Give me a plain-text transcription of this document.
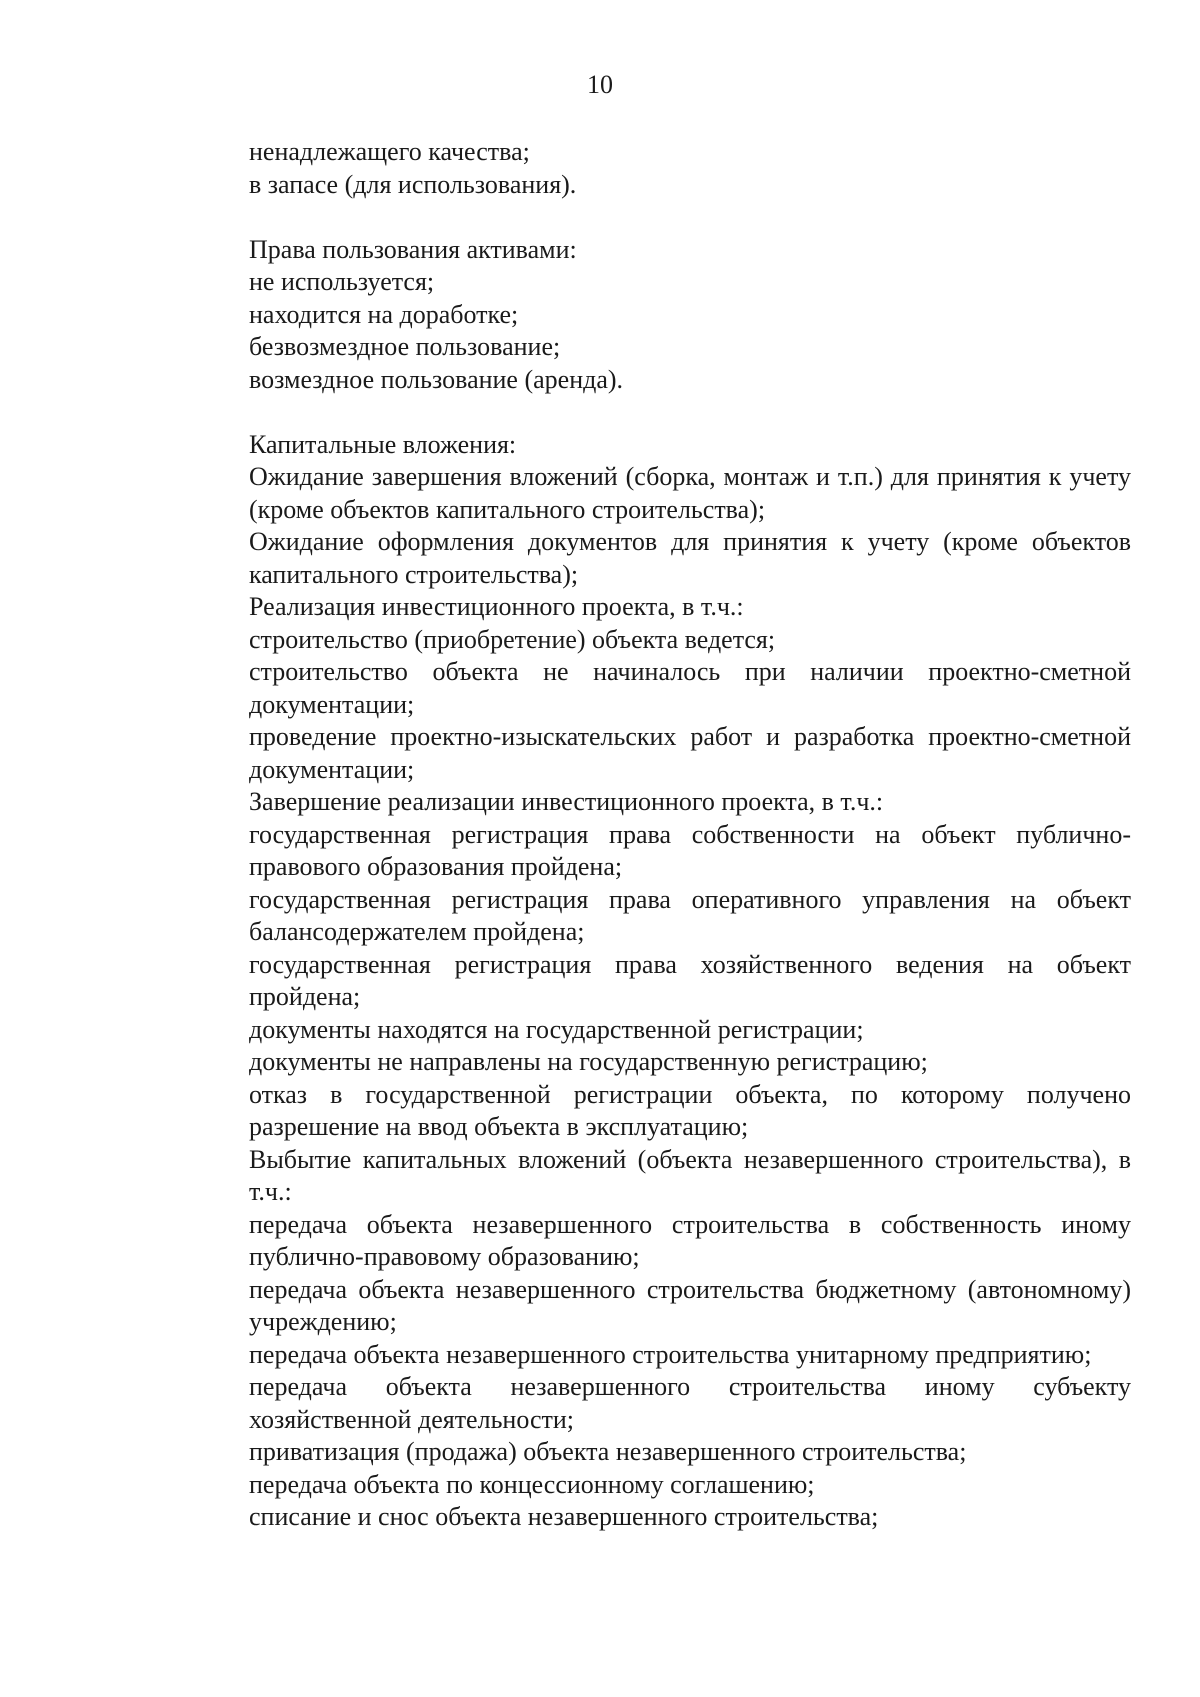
10
ненадлежащего качества;
в запасе (для использования).
Права пользования активами:
не используется;
находится на доработке;
безвозмездное пользование;
возмездное пользование (аренда).
Капитальные вложения:
Ожидание завершения вложений (сборка, монтаж и т.п.) для принятия к учету (кроме объектов капитального строительства);
Ожидание оформления документов для принятия к учету (кроме объектов капитального строительства);
Реализация инвестиционного проекта, в т.ч.:
строительство (приобретение) объекта ведется;
строительство объекта не начиналось при наличии проектно-сметной документации;
проведение проектно-изыскательских работ и разработка проектно-сметной документации;
Завершение реализации инвестиционного проекта, в т.ч.:
государственная регистрация права собственности на объект публично-правового образования пройдена;
государственная регистрация права оперативного управления на объект балансодержателем пройдена;
государственная регистрация права хозяйственного ведения на объект пройдена;
документы находятся на государственной регистрации;
документы не направлены на государственную регистрацию;
отказ в государственной регистрации объекта, по которому получено разрешение на ввод объекта в эксплуатацию;
Выбытие капитальных вложений (объекта незавершенного строительства), в т.ч.:
передача объекта незавершенного строительства в собственность иному публично-правовому образованию;
передача объекта незавершенного строительства бюджетному (автономному) учреждению;
передача объекта незавершенного строительства унитарному предприятию;
передача объекта незавершенного строительства иному субъекту хозяйственной деятельности;
приватизация (продажа) объекта незавершенного строительства;
передача объекта по концессионному соглашению;
списание и снос объекта незавершенного строительства;
